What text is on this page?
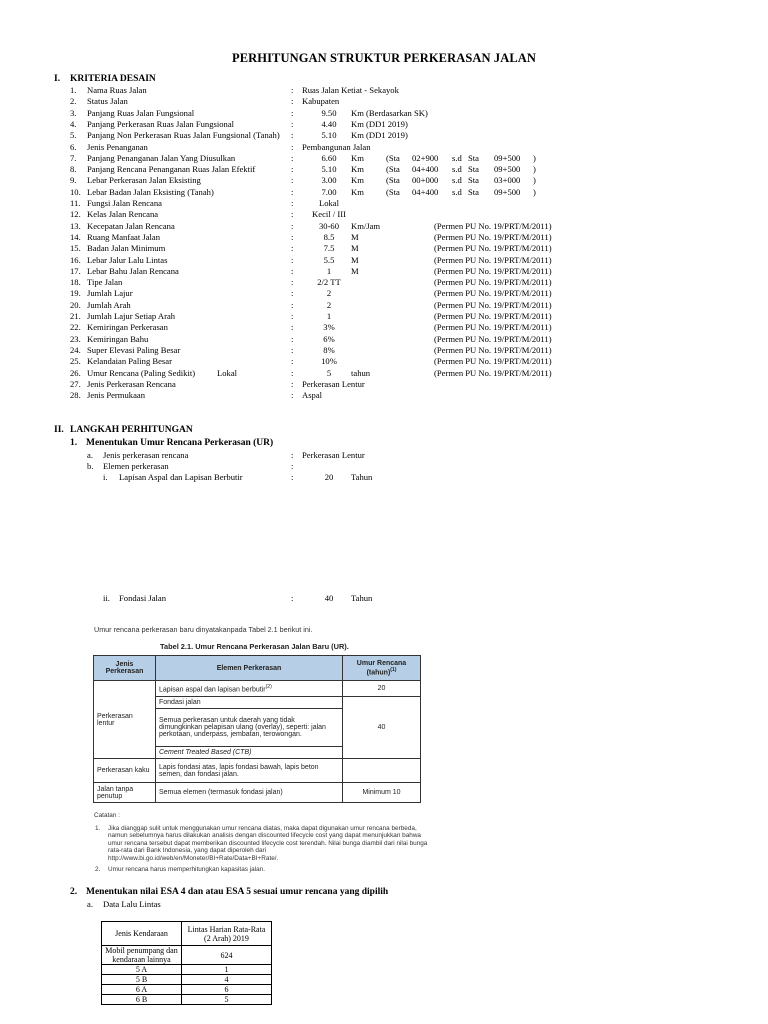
PERHITUNGAN STRUKTUR PERKERASAN JALAN
I. KRITERIA DESAIN
1.	Nama Ruas Jalan	: Ruas Jalan Ketiat - Sekayok
2.	Status Jalan	: Kabupaten
3.	Panjang Ruas Jalan Fungsional	:	9.50	Km (Berdasarkan SK)
4.	Panjang Perkerasan Ruas Jalan Fungsional	:	4.40	Km (DD1 2019)
5.	Panjang Non Perkerasan Ruas Jalan Fungsional (Tanah) :	5.10	Km (DD1 2019)
6.	Jenis Penanganan	: Pembangunan Jalan
7.	Panjang Penanganan Jalan Yang Diusulkan	:	6.60	Km	(Sta 02+900 s.d Sta 09+500 )
8.	Panjang Rencana Penanganan Ruas Jalan Efektif	:	5.10	Km	(Sta 04+400 s.d Sta 09+500 )
9.	Lebar Perkerasan Jalan Eksisting	:	3.00	Km	(Sta 00+000 s.d Sta 03+000 )
10. Lebar Badan Jalan Eksisting (Tanah)	:	7.00	Km	(Sta 04+400 s.d Sta 09+500 )
11. Fungsi Jalan Rencana	:	Lokal
12. Kelas Jalan Rencana	:	Kecil / III
13. Kecepatan Jalan Rencana	:	30-60	Km/Jam	(Permen PU No. 19/PRT/M/2011)
14. Ruang Manfaat Jalan	:	8.5	M	(Permen PU No. 19/PRT/M/2011)
15. Badan Jalan Minimum	:	7.5	M	(Permen PU No. 19/PRT/M/2011)
16. Lebar Jalur Lalu Lintas	:	5.5	M	(Permen PU No. 19/PRT/M/2011)
17. Lebar Bahu Jalan Rencana	:	1	M	(Permen PU No. 19/PRT/M/2011)
18. Tipe Jalan	:	2/2 TT	(Permen PU No. 19/PRT/M/2011)
19. Jumlah Lajur	:	2	(Permen PU No. 19/PRT/M/2011)
20. Jumlah Arah	:	2	(Permen PU No. 19/PRT/M/2011)
21. Jumlah Lajur Setiap Arah	:	1	(Permen PU No. 19/PRT/M/2011)
22. Kemiringan Perkerasan	:	3%	(Permen PU No. 19/PRT/M/2011)
23. Kemiringan Bahu	:	6%	(Permen PU No. 19/PRT/M/2011)
24. Super Elevasi Paling Besar	:	8%	(Permen PU No. 19/PRT/M/2011)
25. Kelandaian Paling Besar	:	10%	(Permen PU No. 19/PRT/M/2011)
26. Umur Rencana (Paling Sedikit)	Lokal	:	5	tahun	(Permen PU No. 19/PRT/M/2011)
27. Jenis Perkerasan Rencana	: Perkerasan Lentur
28. Jenis Permukaan	: Aspal
II. LANGKAH PERHITUNGAN
1. Menentukan Umur Rencana Perkerasan (UR)
a. Jenis perkerasan rencana	: Perkerasan Lentur
b. Elemen perkerasan	:
i. Lapisan Aspal dan Lapisan Berbutir	:	20	Tahun
ii. Fondasi Jalan	:	40	Tahun
Umur rencana perkerasan baru dinyatakanpada Tabel 2.1 berikut ini.
Tabel 2.1. Umur Rencana Perkerasan Jalan Baru (UR).
Jenis Perkerasan	Elemen Perkerasan	Umur Rencana (tahun)$^{(1)}$
Perkerasan lentur	Lapisan aspal dan lapisan berbutir$^{(2)}$	20
	Fondasi jalan	40
	Semua perkerasan untuk daerah yang tidak dimungkinkan pelapisan ulang (overlay), seperti: jalan perkotaan, underpass, jembatan, terowongan.	
	Cement Treated Based (CTB)	
Perkerasan kaku	Lapis fondasi atas, lapis fondasi bawah, lapis beton semen, dan fondasi jalan.	
Jalan tanpa penutup	Semua elemen (termasuk fondasi jalan)	Minimum 10
Catatan :
1. Jika dianggap sulit untuk menggunakan umur rencana diatas, maka dapat digunakan umur rencana berbeda, namun sebelumnya harus dilakukan analisis dengan discounted lifecycle cost yang dapat menunjukkan bahwa umur rencana tersebut dapat memberikan discounted lifecycle cost terendah. Nilai bunga diambil dari nilai bunga rata-rata dari Bank Indonesia, yang dapat diperoleh dari http://www.bi.go.id/web/en/Moneter/BI+Rate/Data+BI+Rate/.
2. Umur rencana harus memperhitungkan kapasitas jalan.
2. Menentukan nilai ESA 4 dan atau ESA 5 sesuai umur rencana yang dipilih
a. Data Lalu Lintas
Jenis Kendaraan	Lintas Harian Rata-Rata (2 Arah) 2019
Mobil penumpang dan kendaraan lainnya	624
5 A	1
5 B	4
6 A	6
6 B	5
